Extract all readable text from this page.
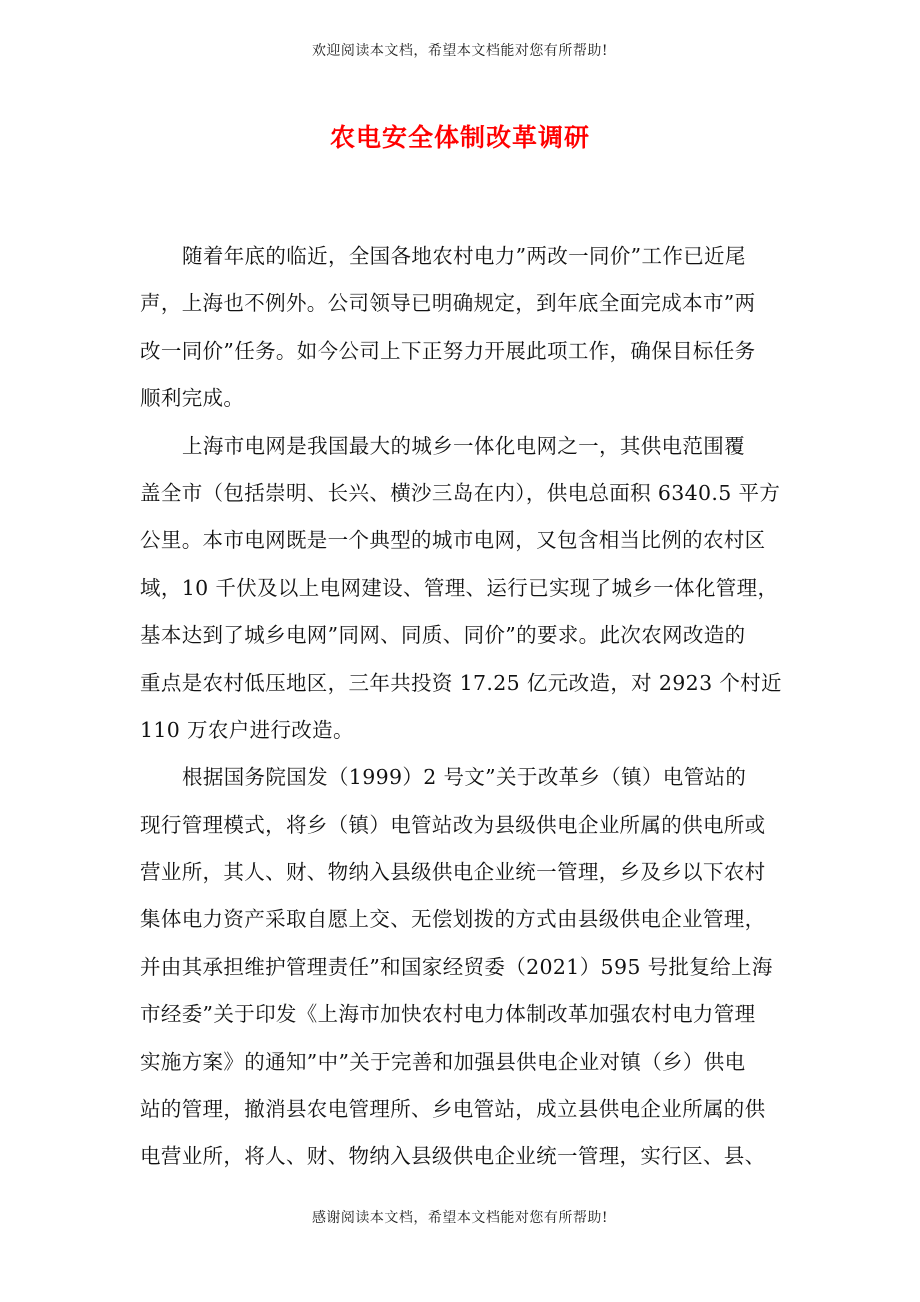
欢迎阅读本文档，希望本文档能对您有所帮助!
农电安全体制改革调研
随着年底的临近，全国各地农村电力”两改一同价”工作已近尾
声，上海也不例外。公司领导已明确规定，到年底全面完成本市”两
改一同价”任务。如今公司上下正努力开展此项工作，确保目标任务
顺利完成。
上海市电网是我国最大的城乡一体化电网之一，其供电范围覆
盖全市（包括崇明、长兴、横沙三岛在内），供电总面积 6340.5 平方
公里。本市电网既是一个典型的城市电网，又包含相当比例的农村区
域，10 千伏及以上电网建设、管理、运行已实现了城乡一体化管理，
基本达到了城乡电网”同网、同质、同价”的要求。此次农网改造的
重点是农村低压地区，三年共投资 17.25 亿元改造，对 2923 个村近
110 万农户进行改造。
根据国务院国发（1999）2 号文”关于改革乡（镇）电管站的
现行管理模式，将乡（镇）电管站改为县级供电企业所属的供电所或
营业所，其人、财、物纳入县级供电企业统一管理，乡及乡以下农村
集体电力资产采取自愿上交、无偿划拨的方式由县级供电企业管理，
并由其承担维护管理责任”和国家经贸委（2021）595 号批复给上海
市经委”关于印发《上海市加快农村电力体制改革加强农村电力管理
实施方案》的通知”中”关于完善和加强县供电企业对镇（乡）供电
站的管理，撤消县农电管理所、乡电管站，成立县供电企业所属的供
电营业所，将人、财、物纳入县级供电企业统一管理，实行区、县、
感谢阅读本文档，希望本文档能对您有所帮助!
